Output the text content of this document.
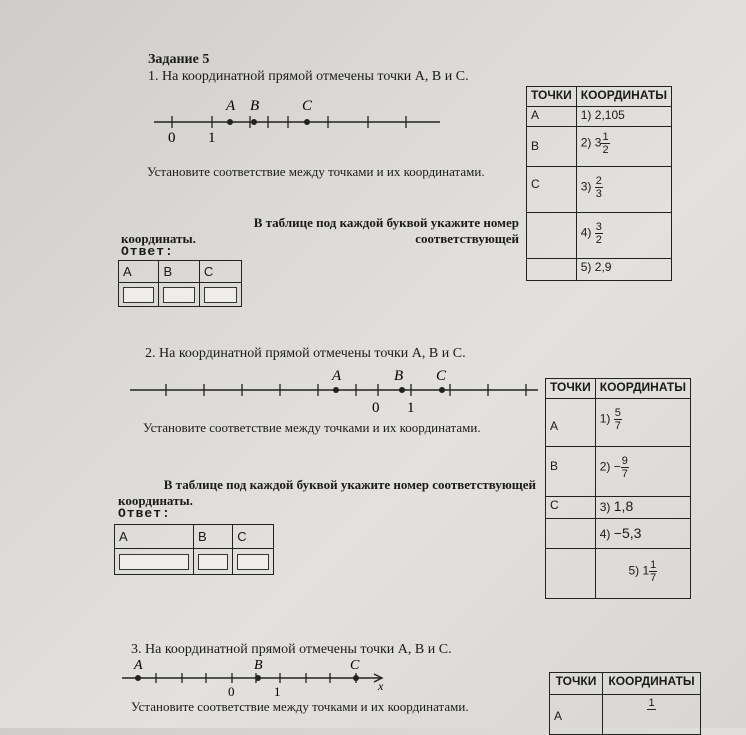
Задание 5
1. На координатной прямой отмечены точки A, B и C.
A B	C
0 1
Установите соответствие между точками и их координатами.
В таблице под каждой буквой укажите номер соответствующей
координаты.
Ответ:
A	B	C

ТОЧКИ	КООРДИНАТЫ
A	1) 2,105
B	2) $3 \frac{1}{2}$

C	$3) \frac{2}{3}$

	$4) \frac{3}{2}$

	5) 2,9
2. На координатной прямой отмечены точки A, B и C.
A	B C
0 1
Установите соответствие между точками и их координатами.
В таблице под каждой буквой укажите номер соответствующей
координаты.
Ответ:
A	B	C

ТОЧКИ	КООРДИНАТЫ
A	$1) \frac{5}{7}$

B	$2) - \frac{9}{7}$

C	3) 1,8
	4) −5,3
	5) $1 \frac{1}{7}$
3. На координатной прямой отмечены точки A, B и C.
A	B	C
x
0	1
Установите соответствие между точками и их координатами.
ТОЧКИ	КООРДИНАТЫ
A	1
